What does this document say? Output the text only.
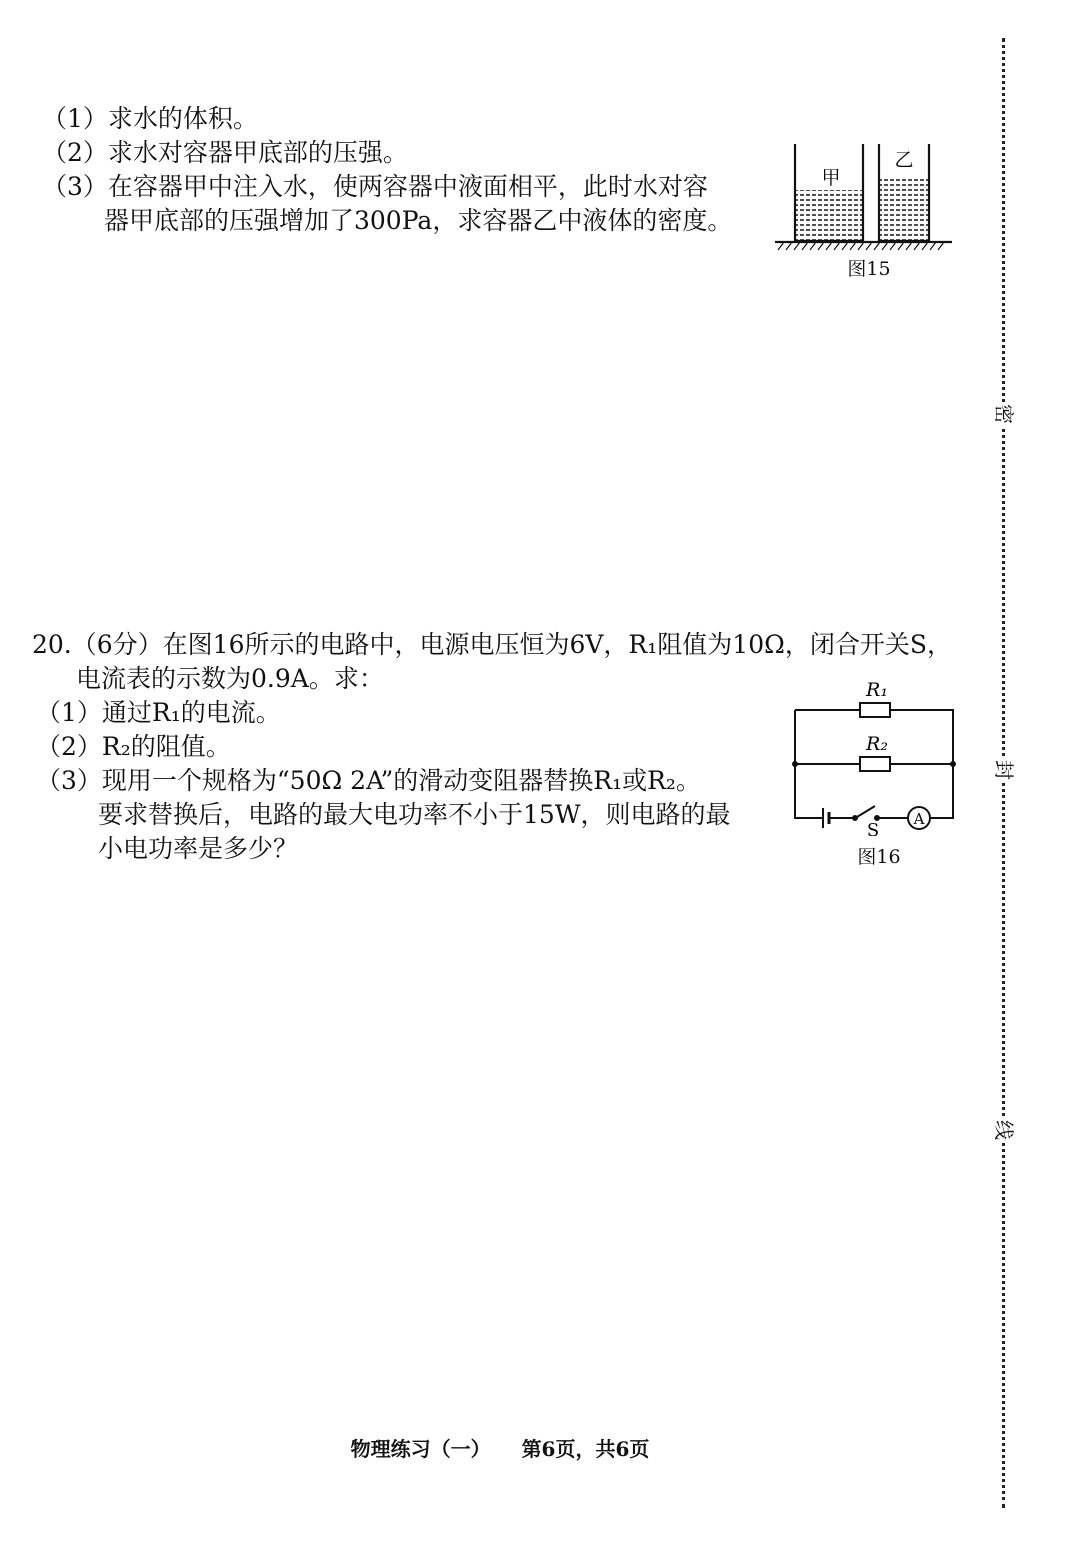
（1）求水的体积。
（2）求水对容器甲底部的压强。
（3）在容器甲中注入水，使两容器中液面相平，此时水对容
器甲底部的压强增加了300Pa，求容器乙中液体的密度。
甲
乙
图15
20.（6分）在图16所示的电路中，电源电压恒为6V，R₁阻值为10Ω，闭合开关S，
电流表的示数为0.9A。求：
（1）通过R₁的电流。
（2）R₂的阻值。
（3）现用一个规格为“50Ω 2A”的滑动变阻器替换R₁或R₂。
要求替换后，电路的最大电功率不小于15W，则电路的最
小电功率是多少？
A
R₁
R₂
S
图16
物理练习（一） 第6页，共6页
密
封
线
